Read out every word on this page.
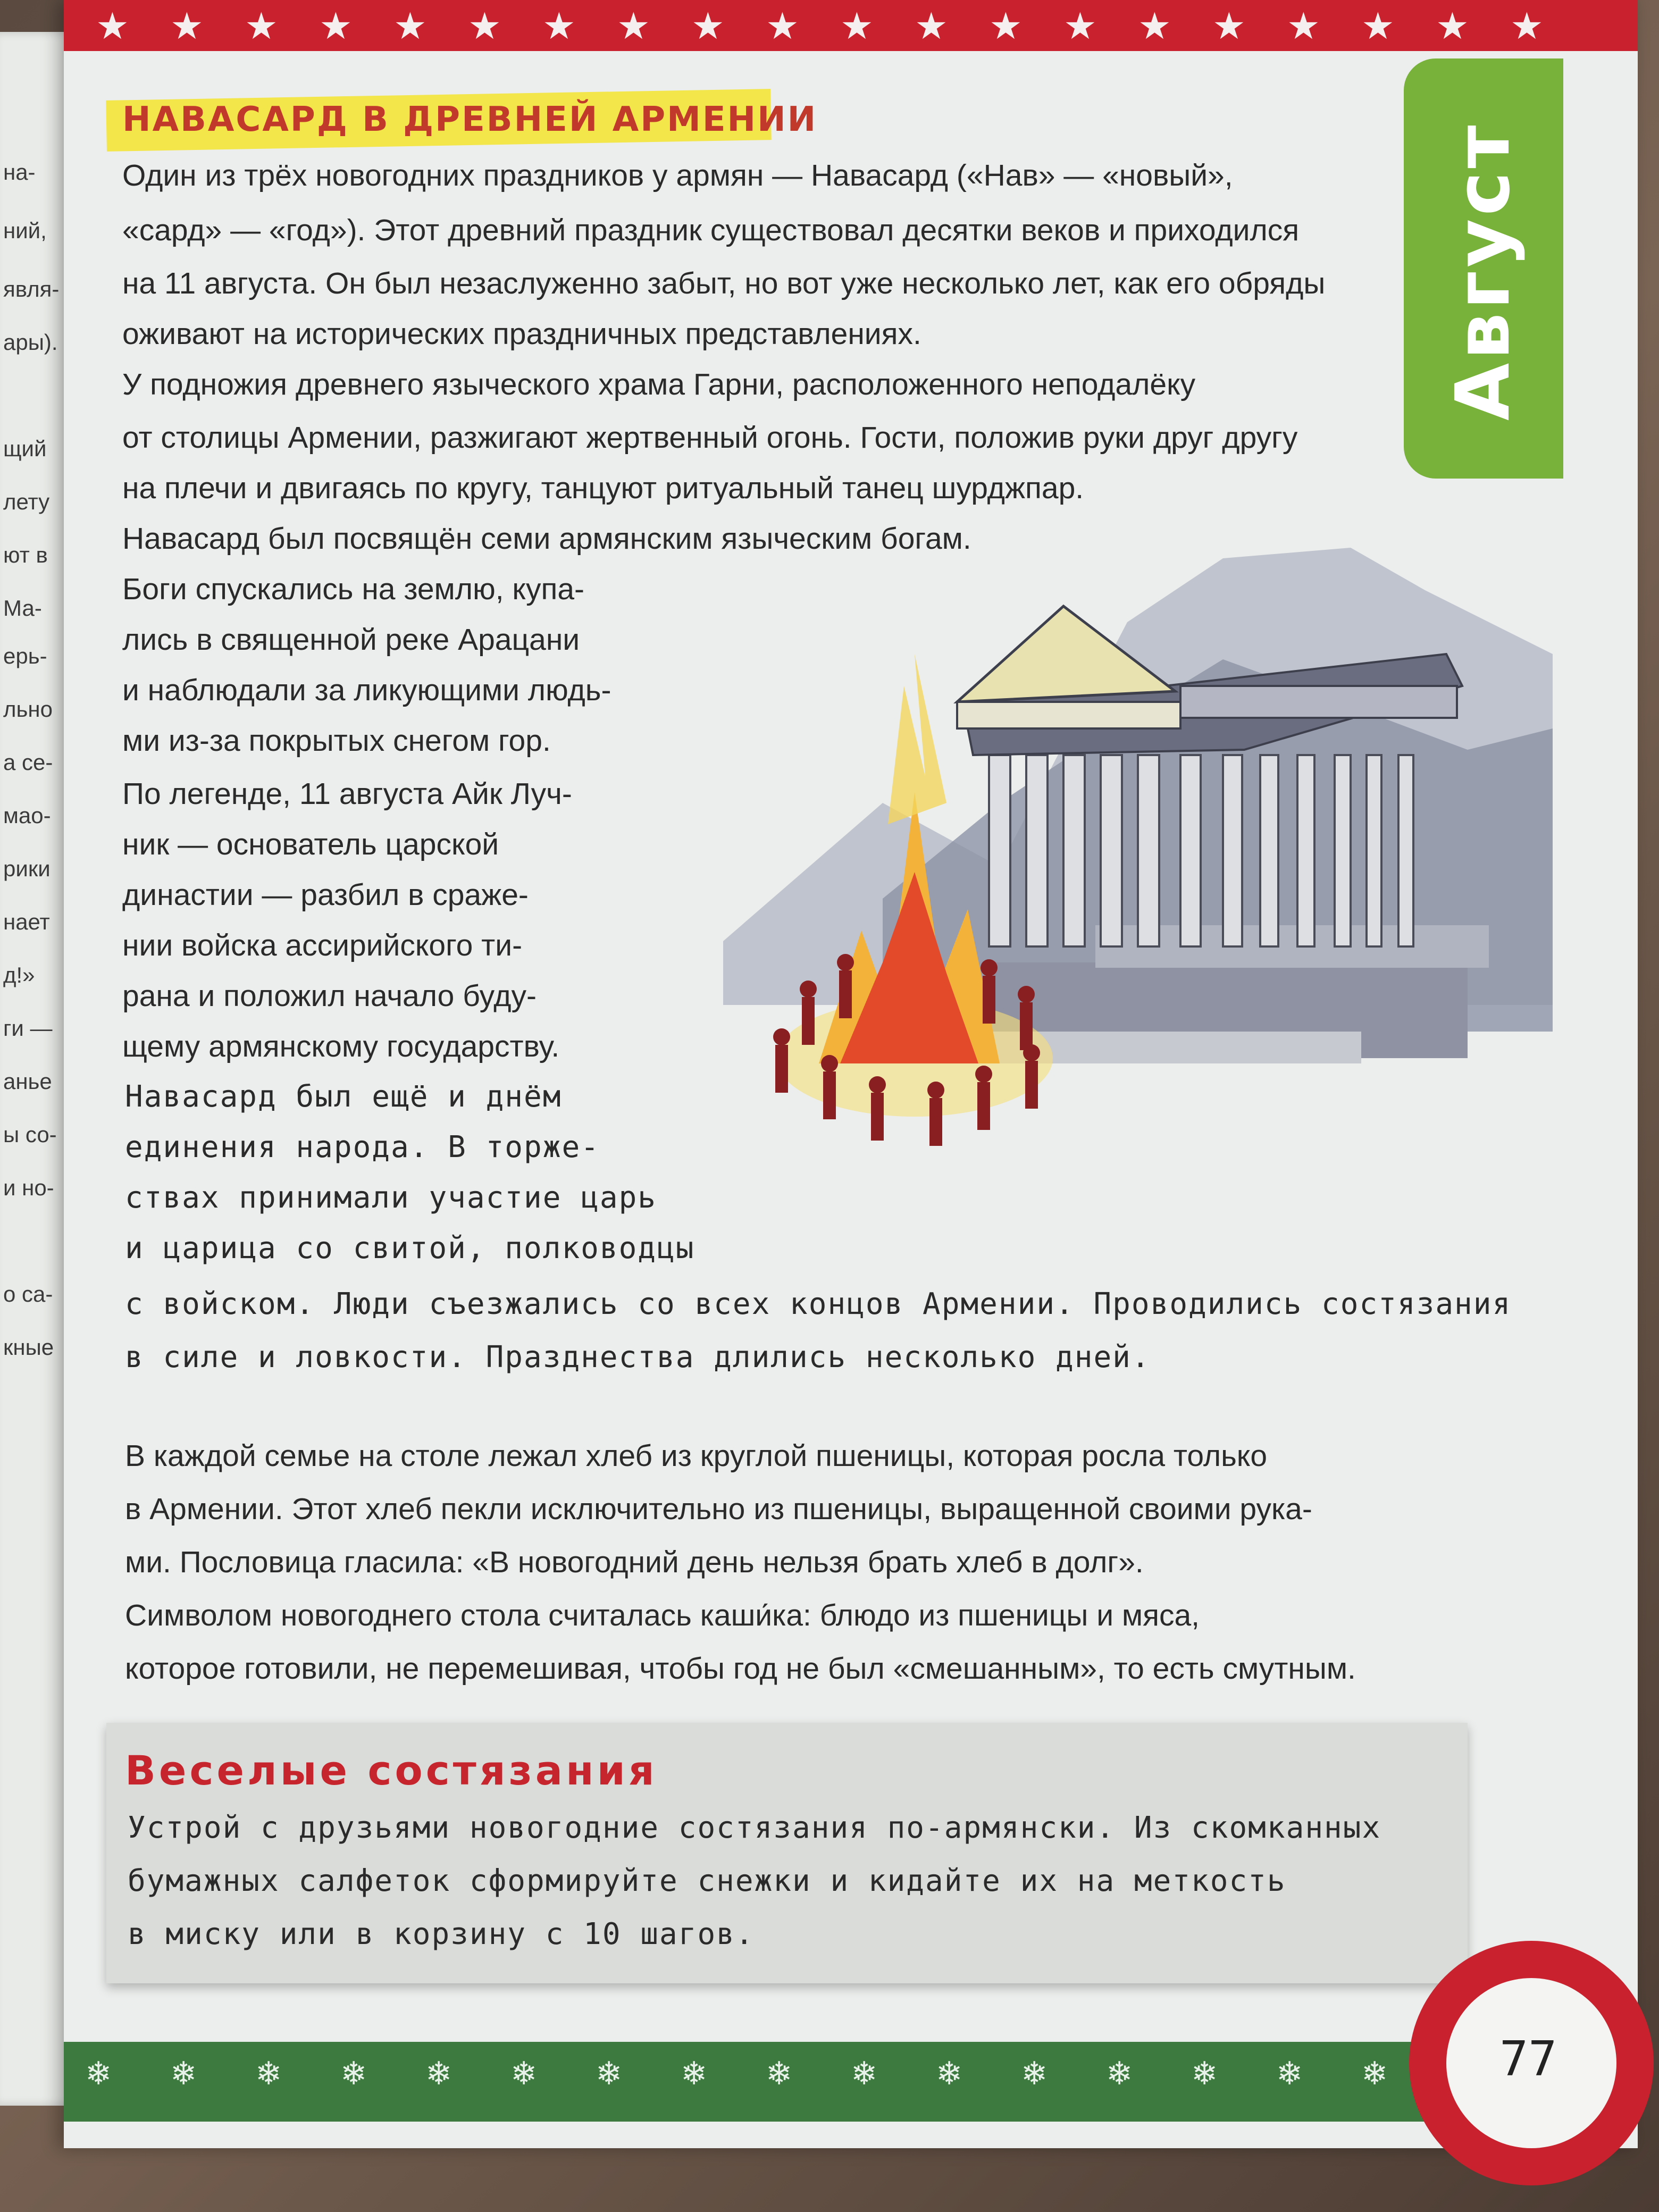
на-
ний,
явля-
ары).
щий
лету
ют в
Ма-
ерь-
льно
а се-
мао-
рики
нает
д!»
ги —
анье
ы со-
и но-
о са-
кные
★ ★ ★ ★ ★ ★ ★ ★ ★ ★ ★ ★ ★ ★ ★ ★ ★ ★ ★ ★
❄ ❄ ❄ ❄ ❄ ❄ ❄ ❄ ❄ ❄ ❄ ❄ ❄ ❄ ❄ ❄
Август
НАВАСАРД В ДРЕВНЕЙ АРМЕНИИ
Один из трёх новогодних праздников у армян — Навасард («Нав» — «новый»,
«сард» — «год»). Этот древний праздник существовал десятки веков и приходился
на 11 августа. Он был незаслуженно забыт, но вот уже несколько лет, как его обряды
оживают на исторических праздничных представлениях.
У подножия древнего языческого храма Гарни, расположенного неподалёку
от столицы Армении, разжигают жертвенный огонь. Гости, положив руки друг другу
на плечи и двигаясь по кругу, танцуют ритуальный танец шурджпар.
Навасард был посвящён семи армянским языческим богам.
Боги спускались на землю, купа-
лись в священной реке Арацани
и наблюдали за ликующими людь-
ми из-за покрытых снегом гор.
По легенде, 11 августа Айк Луч-
ник — основатель царской
династии — разбил в сраже-
нии войска ассирийского ти-
рана и положил начало буду-
щему армянскому государству.
Навасард был ещё и днём
единения народа. В торже-
ствах принимали участие царь
и царица со свитой, полководцы
с войском. Люди съезжались со всех концов Армении. Проводились состязания
в силе и ловкости. Празднества длились несколько дней.
В каждой семье на столе лежал хлеб из круглой пшеницы, которая росла только
в Армении. Этот хлеб пекли исключительно из пшеницы, выращенной своими рука-
ми. Пословица гласила: «В новогодний день нельзя брать хлеб в долг».
Символом новогоднего стола считалась каши́ка: блюдо из пшеницы и мяса,
которое готовили, не перемешивая, чтобы год не был «смешанным», то есть смутным.
Веселые состязания
Устрой с друзьями новогодние состязания по-армянски. Из скомканных
бумажных салфеток сформируйте снежки и кидайте их на меткость
в миску или в корзину с 10 шагов.
77
